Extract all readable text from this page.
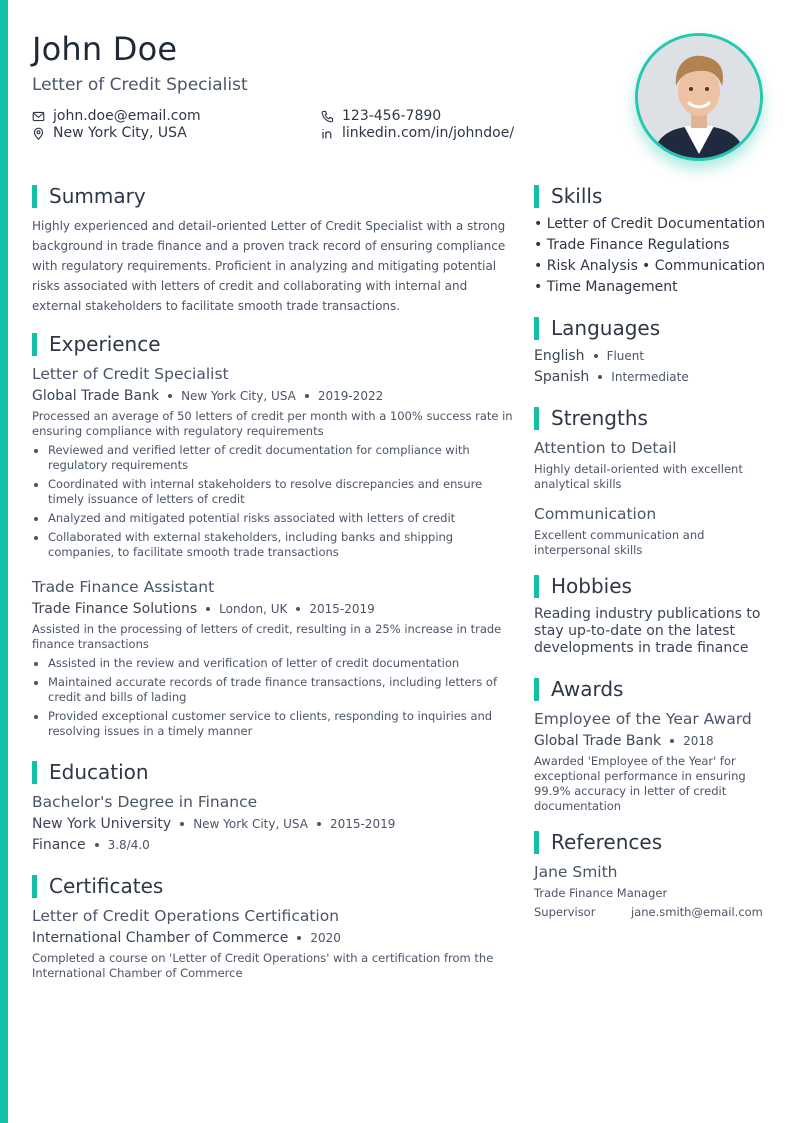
John Doe
Letter of Credit Specialist
john.doe@email.com
New York City, USA
123-456-7890
linkedin.com/in/johndoe/
Summary
Highly experienced and detail-oriented Letter of Credit Specialist with a strong background in trade finance and a proven track record of ensuring compliance with regulatory requirements. Proficient in analyzing and mitigating potential risks associated with letters of credit and collaborating with internal and external stakeholders to facilitate smooth trade transactions.
Experience
Letter of Credit Specialist
Global Trade Bank New York City, USA 2019-2022
Processed an average of 50 letters of credit per month with a 100% success rate in ensuring compliance with regulatory requirements
Reviewed and verified letter of credit documentation for compliance with regulatory requirements
Coordinated with internal stakeholders to resolve discrepancies and ensure timely issuance of letters of credit
Analyzed and mitigated potential risks associated with letters of credit
Collaborated with external stakeholders, including banks and shipping companies, to facilitate smooth trade transactions
Trade Finance Assistant
Trade Finance Solutions London, UK 2015-2019
Assisted in the processing of letters of credit, resulting in a 25% increase in trade finance transactions
Assisted in the review and verification of letter of credit documentation
Maintained accurate records of trade finance transactions, including letters of credit and bills of lading
Provided exceptional customer service to clients, responding to inquiries and resolving issues in a timely manner
Education
Bachelor's Degree in Finance
New York University New York City, USA 2015-2019
Finance 3.8/4.0
Certificates
Letter of Credit Operations Certification
International Chamber of Commerce 2020
Completed a course on 'Letter of Credit Operations' with a certification from the International Chamber of Commerce
Skills
• Letter of Credit Documentation
• Trade Finance Regulations
• Risk Analysis • Communication
• Time Management
Languages
English Fluent
Spanish Intermediate
Strengths
Attention to Detail
Highly detail-oriented with excellent analytical skills
Communication
Excellent communication and interpersonal skills
Hobbies
Reading industry publications to stay up-to-date on the latest developments in trade finance
Awards
Employee of the Year Award
Global Trade Bank 2018
Awarded 'Employee of the Year' for exceptional performance in ensuring 99.9% accuracy in letter of credit documentation
References
Jane Smith
Trade Finance Manager
Supervisor	jane.smith@email.com
